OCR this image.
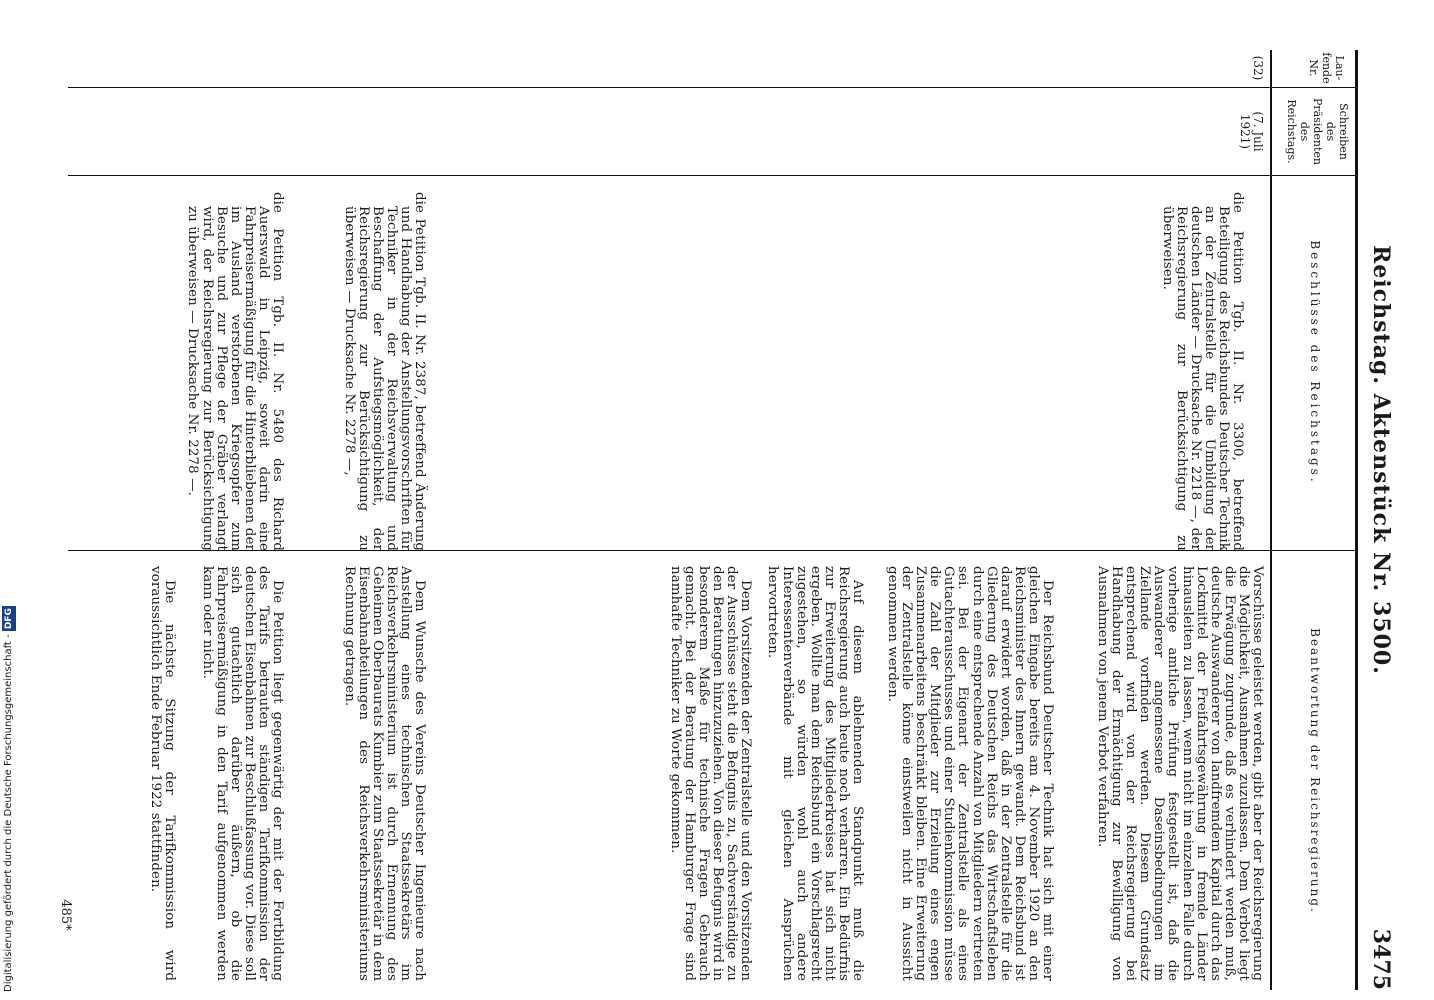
Reichstag. Aktenstück Nr. 3500.
3475
Lau-
fende
Nr.
Schreiben
des
Präsidenten
des
Reichstags.
Beschlüsse des Reichstags.
Beantwortung der Reichsregierung.
(32)
(7. Juli
1921)
die Petition Tgb. II. Nr. 3300, betreffend Beteiligung des Reichsbundes Deutscher Technik an der Zentralstelle für die Umbildung der deutschen Länder — Drucksache Nr. 2218 —, der Reichsregierung zur Berücksichtigung zu überweisen.
die Petition Tgb. II. Nr. 2387, betreffend Änderung und Handhabung der Anstellungsvorschriften für Techniker in der Reichsverwaltung und Beschaffung der Aufstiegsmöglichkeit, der Reichsregierung zur Berücksichtigung zu überweisen — Drucksache Nr. 2278 —,
die Petition Tgb. II. Nr. 5480 des Richard Auerswald in Leipzig, soweit darin eine Fahrpreisermäßigung für die Hinterbliebenen der im Ausland verstorbenen Kriegsopfer zum Besuche und zur Pflege der Gräber verlangt wird, der Reichsregierung zur Berücksichtigung zu überweisen — Drucksache Nr. 2278 —.
Vorschüsse geleistet werden, gibt aber der Reichsregierung die Möglichkeit, Ausnahmen zuzulassen. Dem Verbot liegt die Erwägung zugrunde, daß es verhindert werden muß, deutsche Auswanderer von landfremdem Kapital durch das Lockmittel der Freifahrtsgewährung in fremde Länder hinausleiten zu lassen, wenn nicht im einzelnen Falle durch vorherige amtliche Prüfung festgestellt ist, daß die Auswanderer angemessene Daseinsbedingungen im Ziellande vorfinden werden. Diesem Grundsatz entsprechend wird von der Reichsregierung bei Handhabung der Ermächtigung zur Bewilligung von Ausnahmen von jenem Verbot verfahren.
Der Reichsbund Deutscher Technik hat sich mit einer gleichen Eingabe bereits am 4. November 1920 an den Reichsminister des Innern gewandt. Dem Reichsbund ist darauf erwidert worden, daß in der Zentralstelle für die Gliederung des Deutschen Reichs das Wirtschaftsleben durch eine entsprechende Anzahl von Mitgliedern vertreten sei. Bei der Eigenart der Zentralstelle als eines Gutachterausschusses und einer Studienkommission müsse die Zahl der Mitglieder zur Erzielung eines engen Zusammenarbeitens beschränkt bleiben. Eine Erweiterung der Zentralstelle könne einstweilen nicht in Aussicht genommen werden.
Auf diesem ablehnenden Standpunkt muß die Reichsregierung auch heute noch verharren. Ein Bedürfnis zur Erweiterung des Mitgliederkreises hat sich nicht ergeben. Wollte man dem Reichsbund ein Vorschlagsrecht zugestehen, so würden wohl auch andere Interessentenverbände mit gleichen Ansprüchen hervortreten.
Dem Vorsitzenden der Zentralstelle und den Vorsitzenden der Ausschüsse steht die Befugnis zu, Sachverständige zu den Beratungen hinzuzuziehen. Von dieser Befugnis wird in besonderem Maße für technische Fragen Gebrauch gemacht. Bei der Beratung der Hamburger Frage sind namhafte Techniker zu Worte gekommen.
Dem Wunsche des Vereins Deutscher Ingenieure nach Anstellung eines technischen Staatssekretärs im Reichsverkehrsministerium ist durch Ernennung des Geheimen Oberbaurats Kumbier zum Staatssekretär in dem Eisenbahnabteilungen des Reichsverkehrsministeriums Rechnung getragen.
Die Petition liegt gegenwärtig der mit der Fortbildung des Tarifs betrauten ständigen Tarifkommission der deutschen Eisenbahnen zur Beschlußfassung vor. Diese soll sich gutachtlich darüber äußern, ob die Fahrpreisermäßigung in den Tarif aufgenommen werden kann oder nicht.
Die nächste Sitzung der Tarifkommission wird voraussichtlich Ende Februar 1922 stattfinden.
485*
Digitalisierung gefördert durch die Deutsche Forschungsgemeinschaft - DFG
